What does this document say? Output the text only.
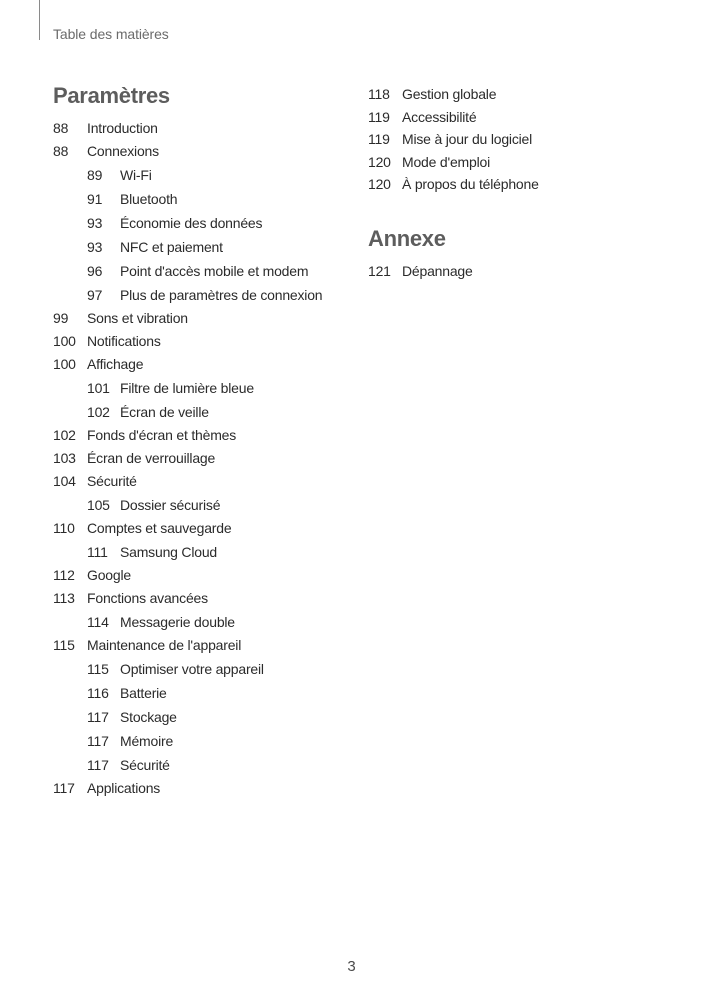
Table des matières
Paramètres
88	Introduction
88	Connexions
89	Wi-Fi
91	Bluetooth
93	Économie des données
93	NFC et paiement
96	Point d'accès mobile et modem
97	Plus de paramètres de connexion
99	Sons et vibration
100 Notifications
100 Affichage
101 Filtre de lumière bleue
102 Écran de veille
102 Fonds d'écran et thèmes
103 Écran de verrouillage
104 Sécurité
105 Dossier sécurisé
110 Comptes et sauvegarde
111 Samsung Cloud
112 Google
113 Fonctions avancées
114 Messagerie double
115 Maintenance de l'appareil
115 Optimiser votre appareil
116 Batterie
117 Stockage
117 Mémoire
117 Sécurité
117 Applications
118 Gestion globale
119 Accessibilité
119 Mise à jour du logiciel
120 Mode d'emploi
120 À propos du téléphone
Annexe
121 Dépannage
3
